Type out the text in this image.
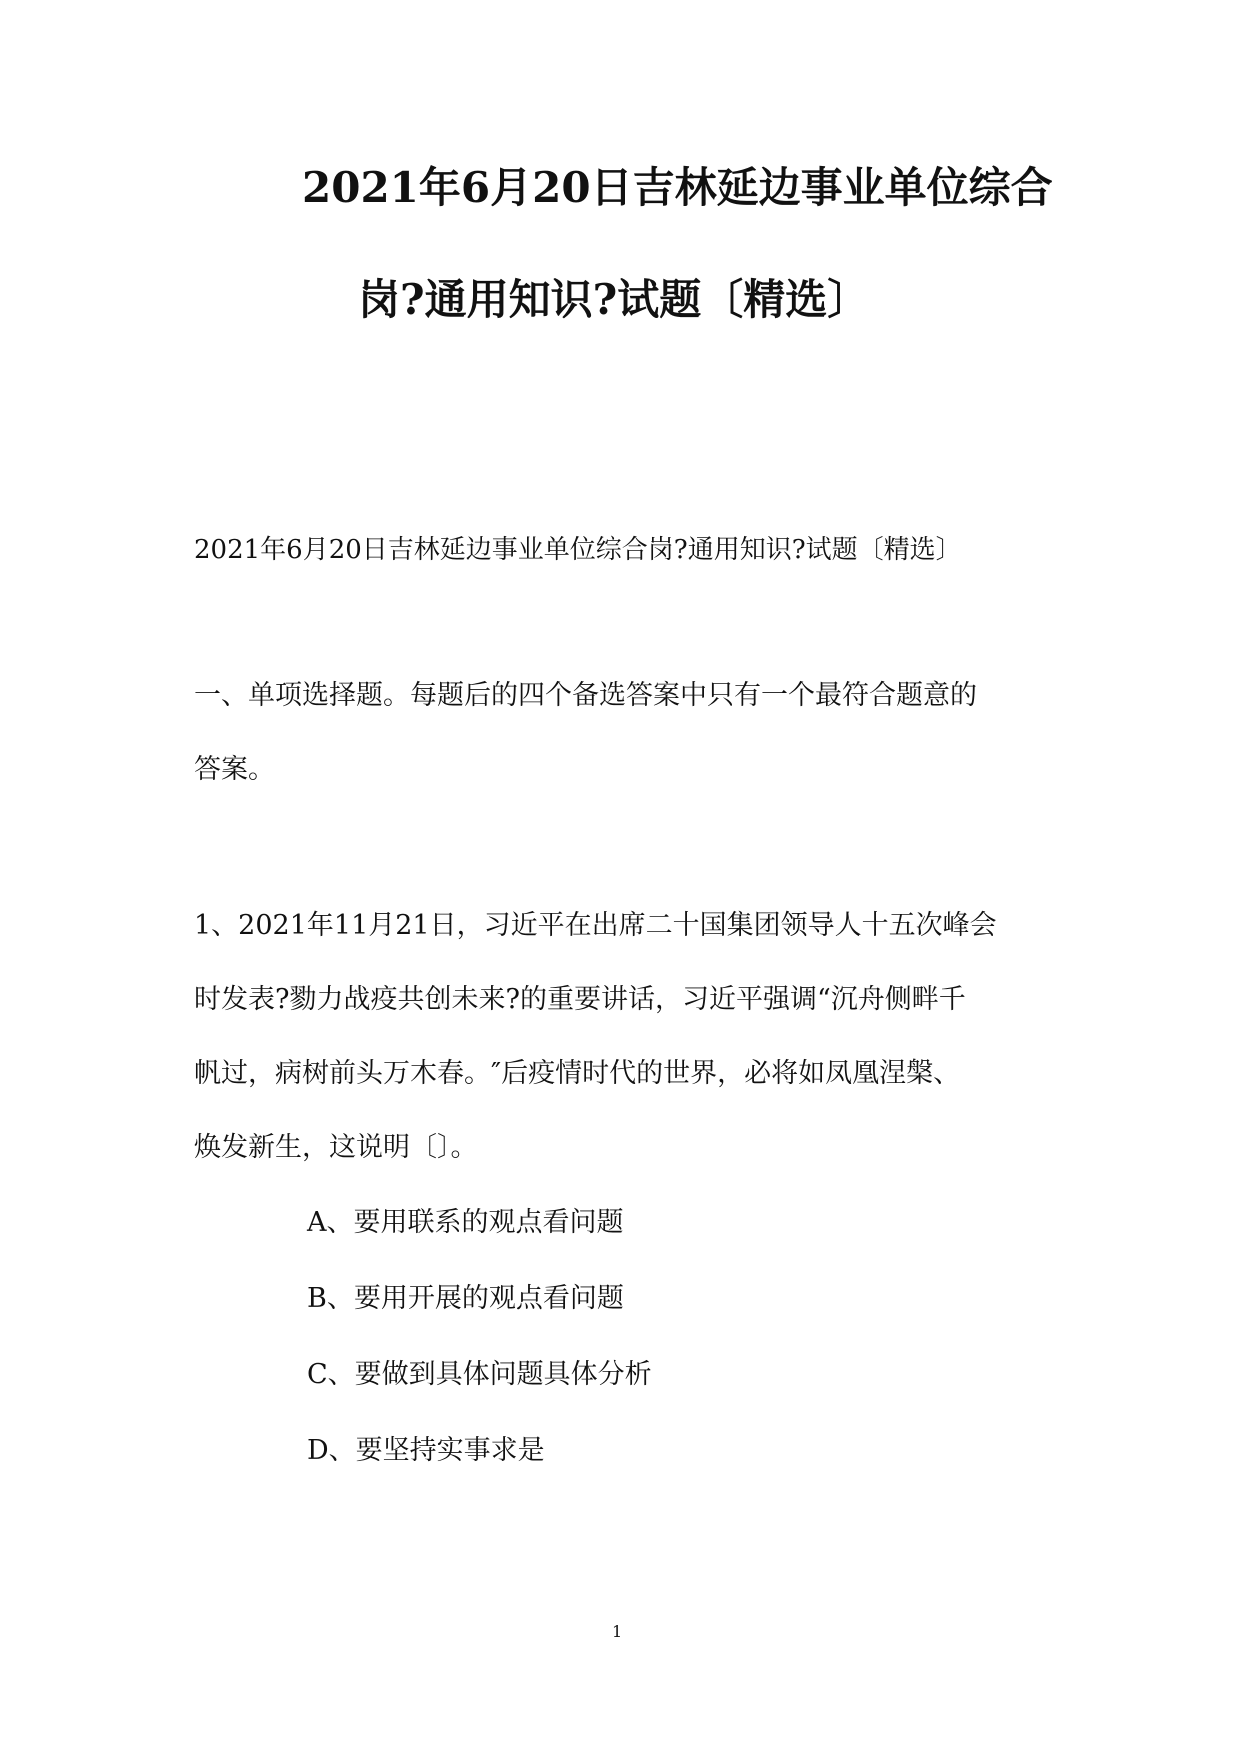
2021年6月20日吉林延边事业单位综合
岗?通用知识?试题〔精选〕
2021年6月20日吉林延边事业单位综合岗?通用知识?试题〔精选〕
一、单项选择题。每题后的四个备选答案中只有一个最符合题意的
答案。
1、2021年11月21日，习近平在出席二十国集团领导人十五次峰会
时发表?勠力战疫共创未来?的重要讲话，习近平强调“沉舟侧畔千
帆过，病树前头万木春。″后疫情时代的世界，必将如凤凰涅槃、
焕发新生，这说明〔〕。
A、要用联系的观点看问题
B、要用开展的观点看问题
C、要做到具体问题具体分析
D、要坚持实事求是
1
